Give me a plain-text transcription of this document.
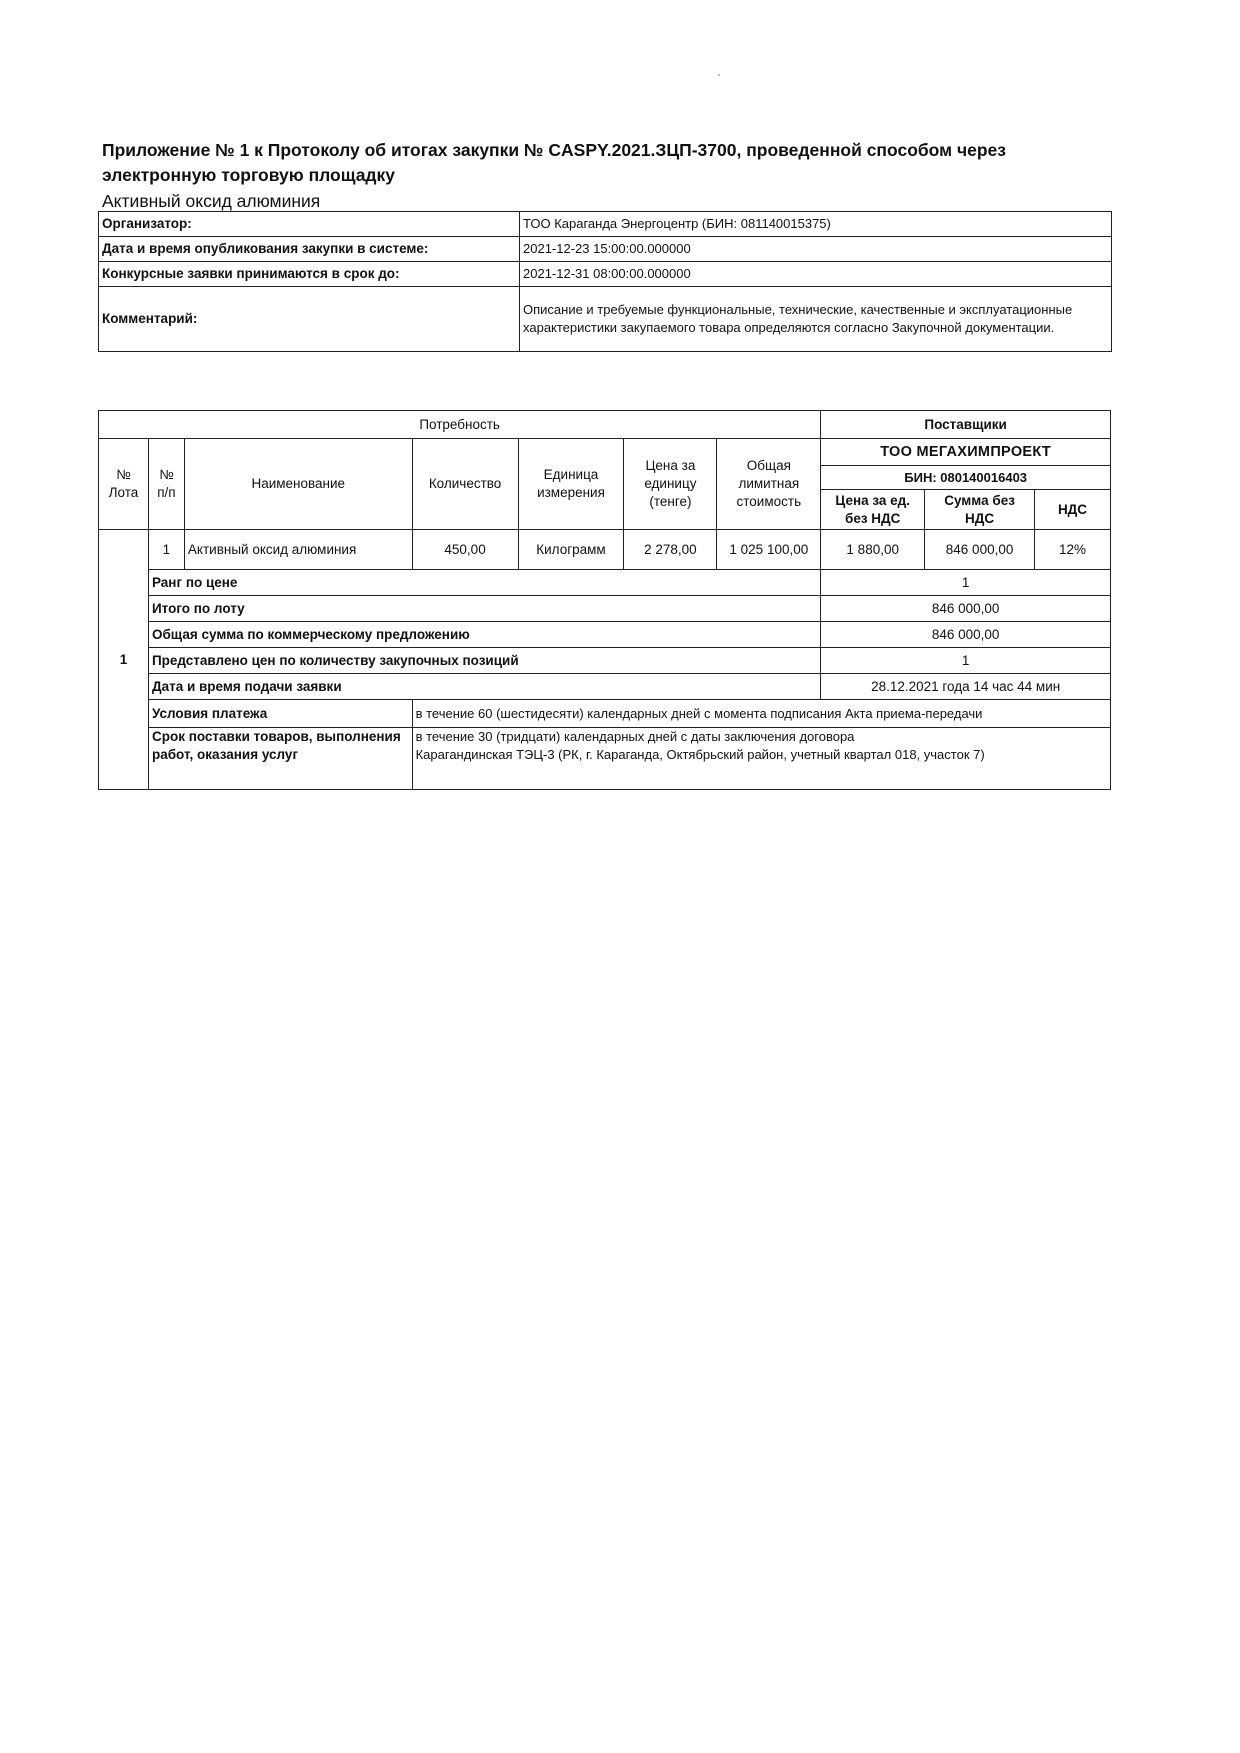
Приложение № 1 к Протоколу об итогах закупки № CASPY.2021.ЗЦП-3700, проведенной способом через электронную торговую площадку
Активный оксид алюминия
Организатор:	ТОО Караганда Энергоцентр (БИН: 081140015375)
Дата и время опубликования закупки в системе:	2021-12-23 15:00:00.000000
Конкурсные заявки принимаются в срок до:	2021-12-31 08:00:00.000000
Комментарий:	Описание и требуемые функциональные, технические, качественные и эксплуатационные характеристики закупаемого товара определяются согласно Закупочной документации.
Потребность							Поставщики		
№ Лота	№ п/п	Наименование	Количество	Единица измерения	Цена за единицу (тенге)	Общая лимитная стоимость	ТОО МЕГАХИМПРОЕКТ		
							БИН: 080140016403		
							Цена за ед. без НДС	Сумма без НДС	НДС
1	1	Активный оксид алюминия	450,00	Килограмм	2 278,00	1 025 100,00	1 880,00	846 000,00	12%
	Ранг по цене						1		
	Итого по лоту						846 000,00		
	Общая сумма по коммерческому предложению						846 000,00		
	Представлено цен по количеству закупочных позиций						1		
	Дата и время подачи заявки						28.12.2021 года 14 час 44 мин		
	Условия платежа		в течение 60 (шестидесяти) календарных дней с момента подписания Акта приема-передачи						
	Срок поставки товаров, выполнения работ, оказания услуг		в течение 30 (тридцати) календарных дней с даты заключения договора
Карагандинская ТЭЦ-3 (РК, г. Караганда, Октябрьский район, учетный квартал 018, участок 7)						
